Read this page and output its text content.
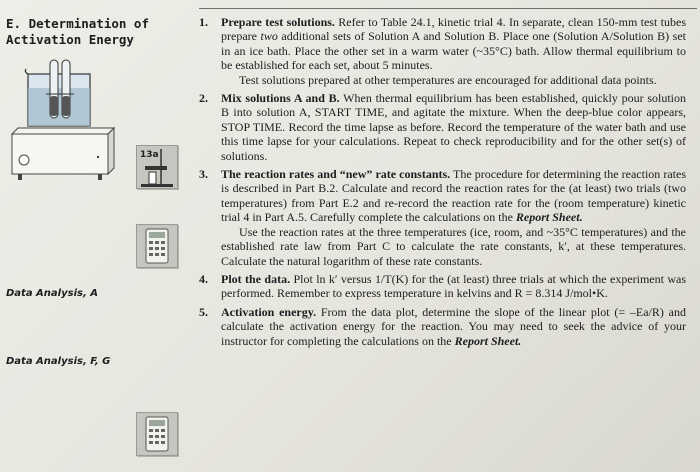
E. Determination of
Activation Energy
13a
Data Analysis, A
Data Analysis, F, G
1. Prepare test solutions. Refer to Table 24.1, kinetic trial 4. In separate, clean 150-mm test tubes prepare two additional sets of Solution A and Solution B. Place one (Solution A/Solution B) set in an ice bath. Place the other set in a warm water (~35°C) bath. Allow thermal equilibrium to be established for each set, about 5 minutes.
Test solutions prepared at other temperatures are encouraged for additional data points.
2. Mix solutions A and B. When thermal equilibrium has been established, quickly pour solution B into solution A, START TIME, and agitate the mixture. When the deep-blue color appears, STOP TIME. Record the time lapse as before. Record the temperature of the water bath and use this time lapse for your calculations. Repeat to check reproducibility and for the other set(s) of solutions.
3. The reaction rates and “new” rate constants. The procedure for determining the reaction rates is described in Part B.2. Calculate and record the reaction rates for the (at least) two trials (two temperatures) from Part E.2 and re-record the reaction rate for the (room temperature) kinetic trial 4 in Part A.5. Carefully complete the calculations on the Report Sheet.
Use the reaction rates at the three temperatures (ice, room, and ~35°C temperatures) and the established rate law from Part C to calculate the rate constants, k′, at these temperatures. Calculate the natural logarithm of these rate constants.
4. Plot the data. Plot ln k′ versus 1/T(K) for the (at least) three trials at which the experiment was performed. Remember to express temperature in kelvins and R = 8.314 J/mol•K.
5. Activation energy. From the data plot, determine the slope of the linear plot (= –Ea/R) and calculate the activation energy for the reaction. You may need to seek the advice of your instructor for completing the calculations on the Report Sheet.
